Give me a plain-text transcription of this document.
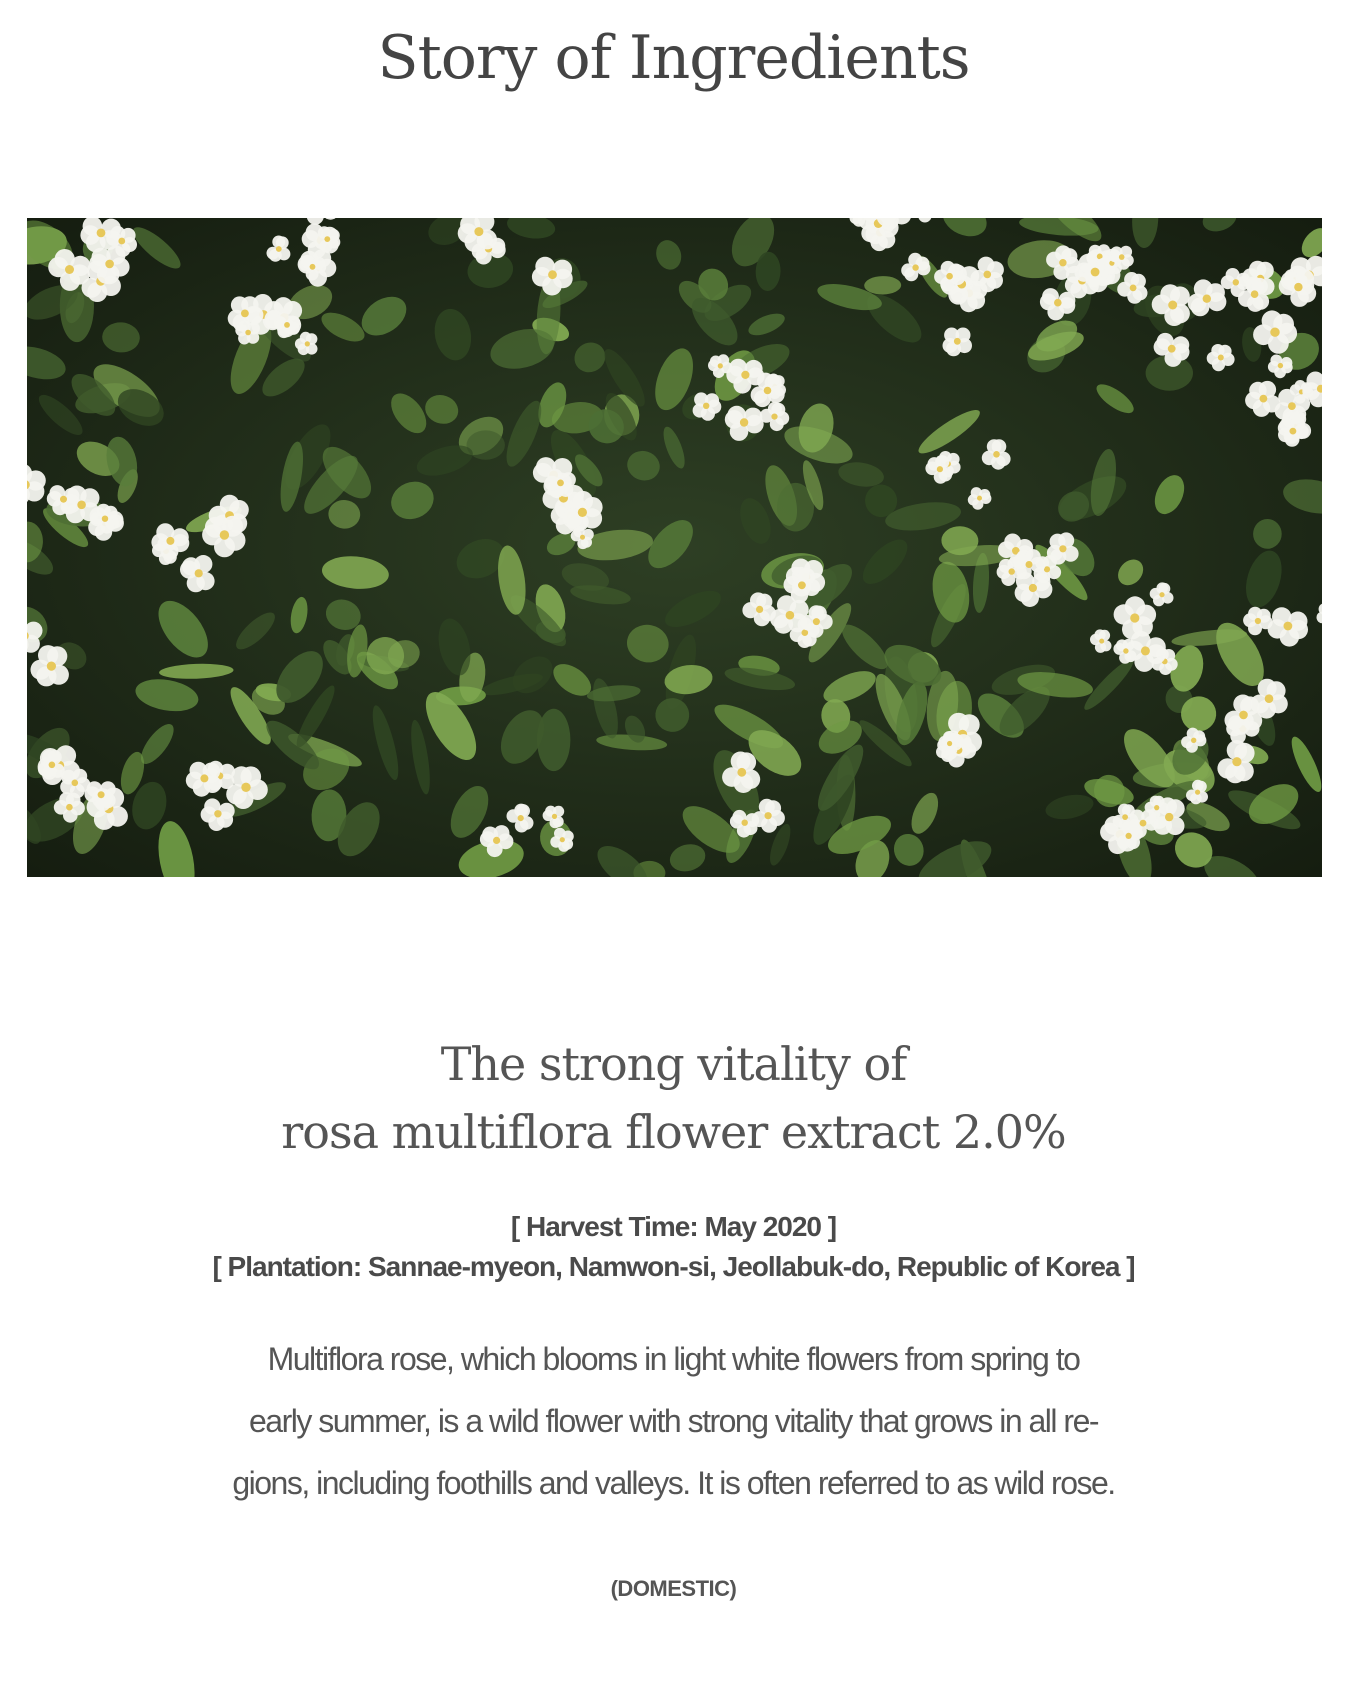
Story of Ingredients
The strong vitality of
rosa multiflora flower extract 2.0%
[ Harvest Time: May 2020 ]
[ Plantation: Sannae-myeon, Namwon-si, Jeollabuk-do, Republic of Korea ]
Multiflora rose, which blooms in light white flowers from spring to
early summer, is a wild flower with strong vitality that grows in all re-
gions, including foothills and valleys. It is often referred to as wild rose.
(DOMESTIC)
